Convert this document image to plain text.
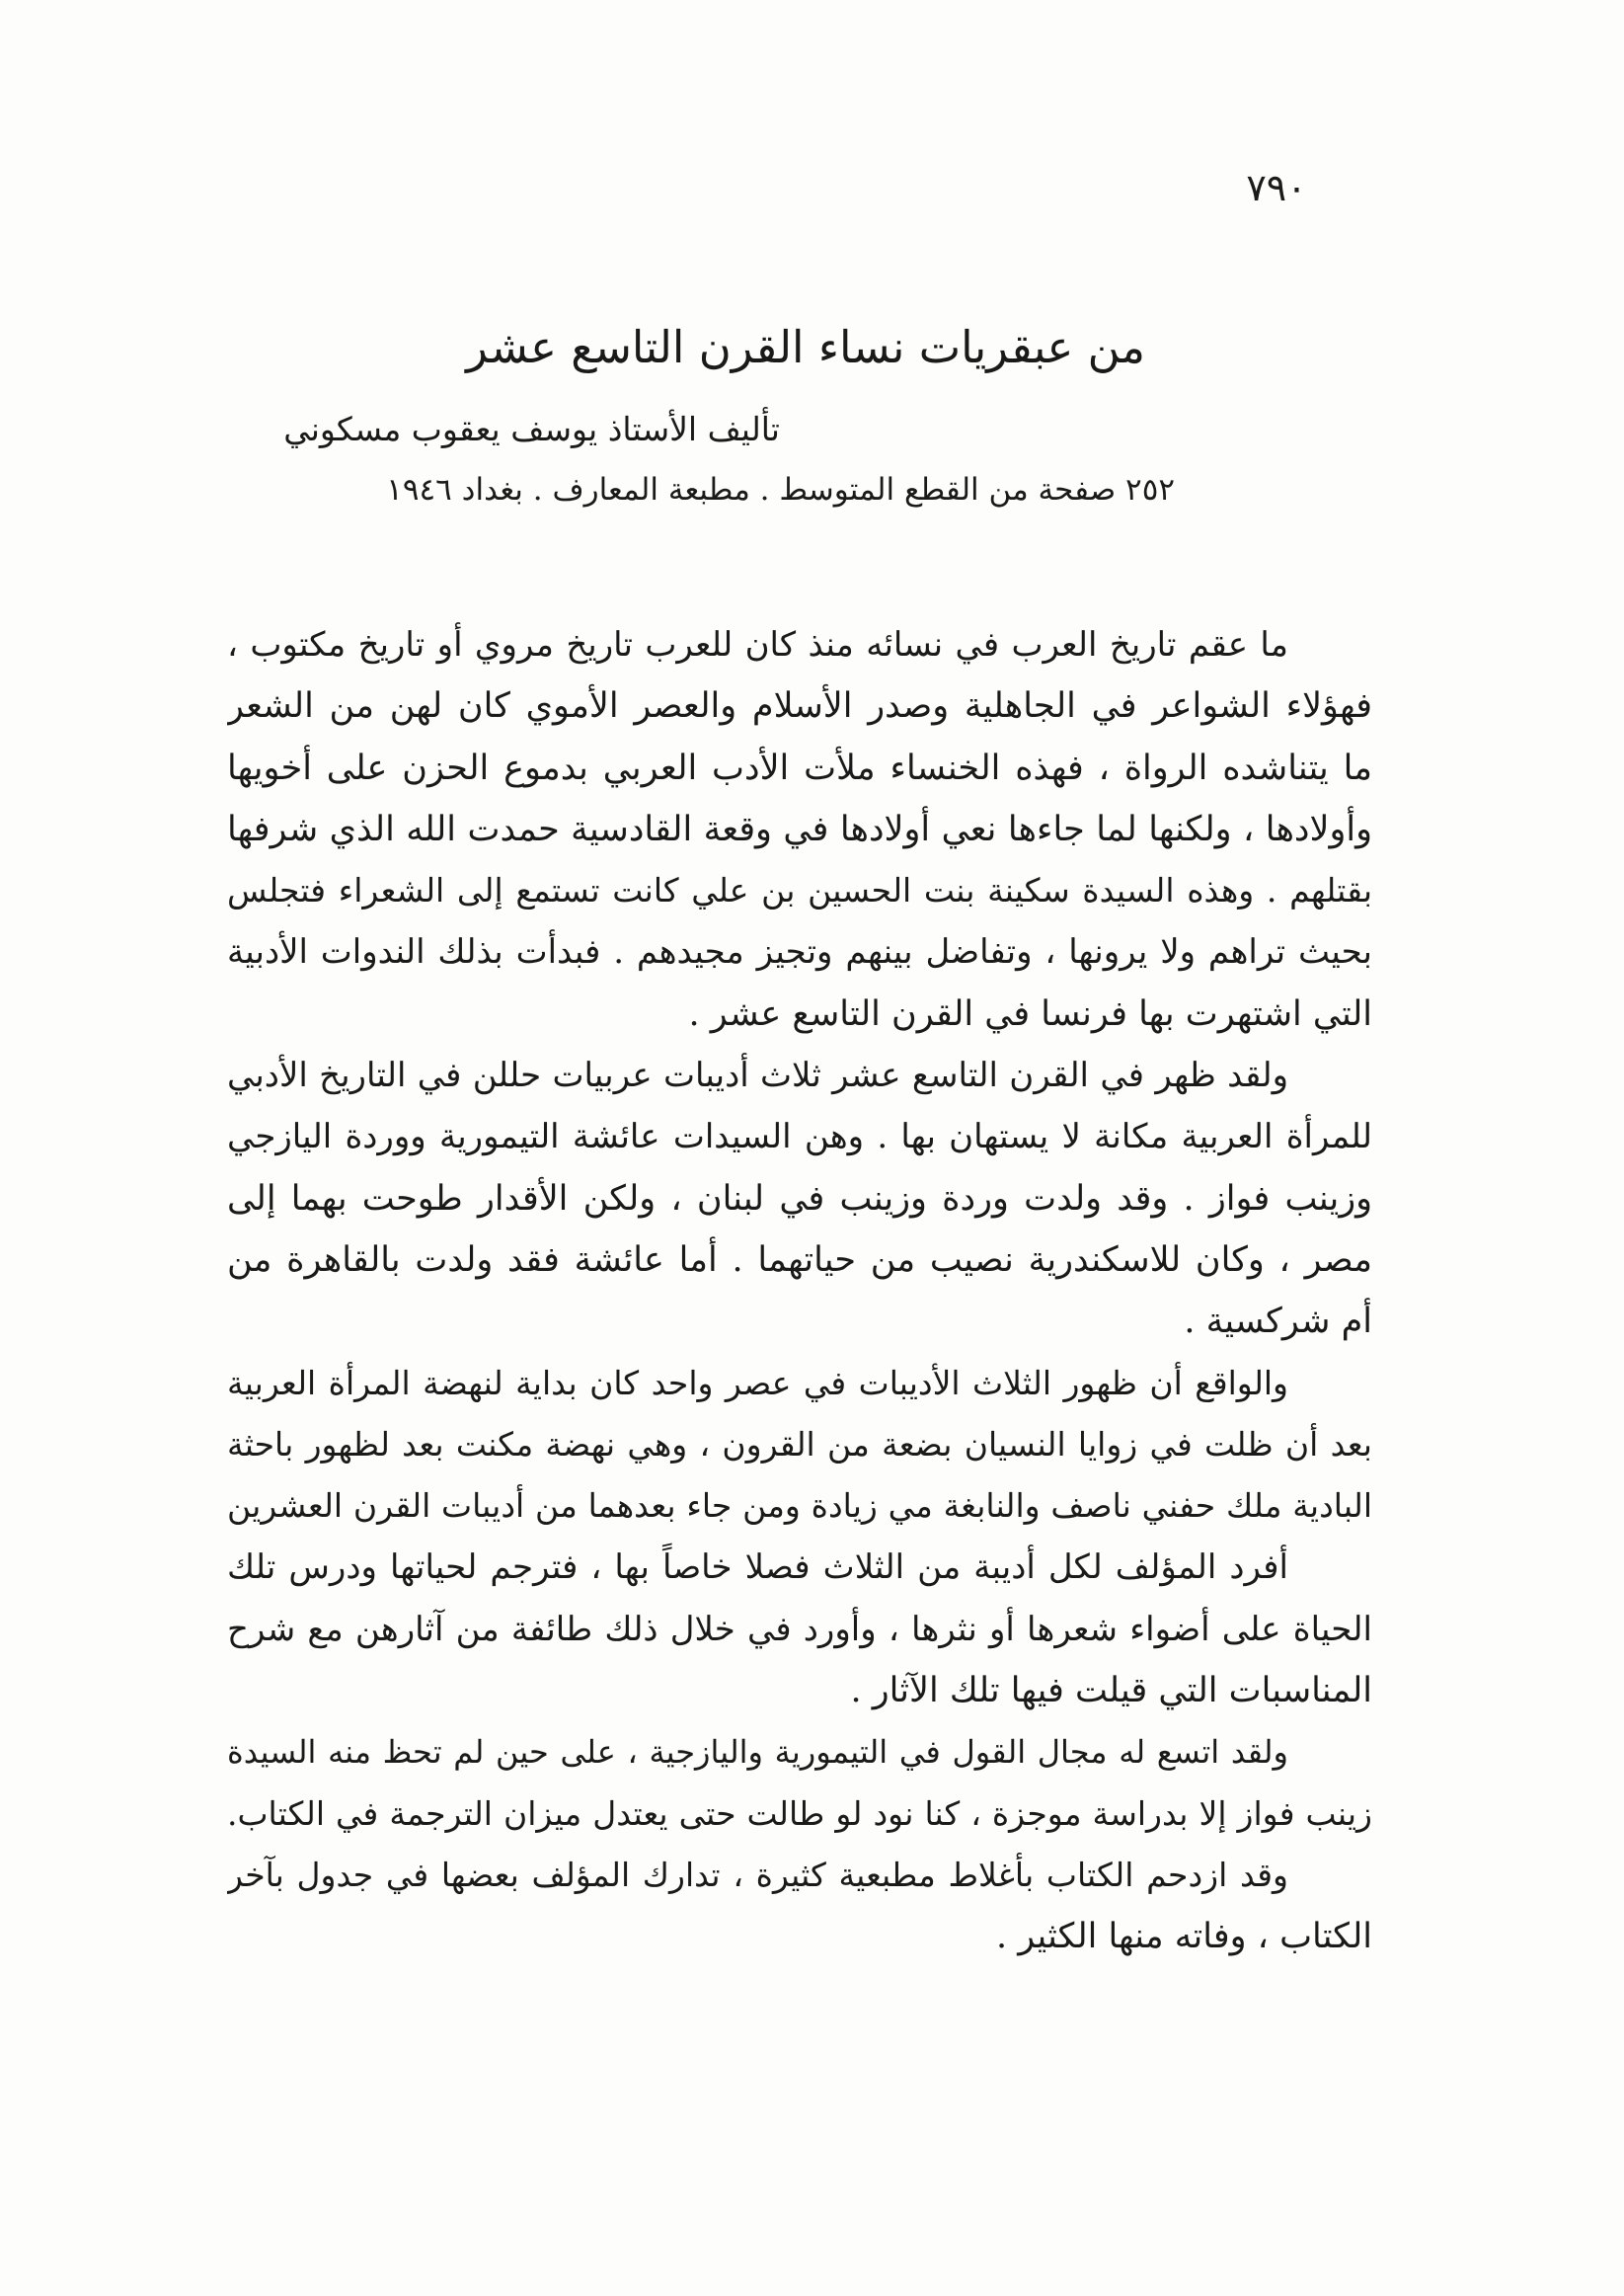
٧٩٠
من عبقريات نساء القرن التاسع عشر
تأليف الأستاذ يوسف يعقوب مسكوني
٢٥٢ صفحة من القطع المتوسط . مطبعة المعارف . بغداد ١٩٤٦
ما عقم تاريخ العرب في نسائه منذ كان للعرب تاريخ مروي أو تاريخ مكتوب ،
فهؤلاء الشواعر في الجاهلية وصدر الأسلام والعصر الأموي كان لهن من الشعر
ما يتناشده الرواة ، فهذه الخنساء ملأت الأدب العربي بدموع الحزن على أخويها
وأولادها ، ولكنها لما جاءها نعي أولادها في وقعة القادسية حمدت الله الذي شرفها
بقتلهم . وهذه السيدة سكينة بنت الحسين بن علي كانت تستمع إلى الشعراء فتجلس
بحيث تراهم ولا يرونها ، وتفاضل بينهم وتجيز مجيدهم . فبدأت بذلك الندوات الأدبية
التي اشتهرت بها فرنسا في القرن التاسع عشر .
ولقد ظهر في القرن التاسع عشر ثلاث أديبات عربيات حللن في التاريخ الأدبي
للمرأة العربية مكانة لا يستهان بها . وهن السيدات عائشة التيمورية ووردة اليازجي
وزينب فواز . وقد ولدت وردة وزينب في لبنان ، ولكن الأقدار طوحت بهما إلى
مصر ، وكان للاسكندرية نصيب من حياتهما . أما عائشة فقد ولدت بالقاهرة من
أم شركسية .
والواقع أن ظهور الثلاث الأديبات في عصر واحد كان بداية لنهضة المرأة العربية
بعد أن ظلت في زوايا النسيان بضعة من القرون ، وهي نهضة مكنت بعد لظهور باحثة
البادية ملك حفني ناصف والنابغة مي زيادة ومن جاء بعدهما من أديبات القرن العشرين
أفرد المؤلف لكل أديبة من الثلاث فصلا خاصاً بها ، فترجم لحياتها ودرس تلك
الحياة على أضواء شعرها أو نثرها ، وأورد في خلال ذلك طائفة من آثارهن مع شرح
المناسبات التي قيلت فيها تلك الآثار .
ولقد اتسع له مجال القول في التيمورية واليازجية ، على حين لم تحظ منه السيدة
زينب فواز إلا بدراسة موجزة ، كنا نود لو طالت حتى يعتدل ميزان الترجمة في الكتاب.
وقد ازدحم الكتاب بأغلاط مطبعية كثيرة ، تدارك المؤلف بعضها في جدول بآخر
الكتاب ، وفاته منها الكثير .
